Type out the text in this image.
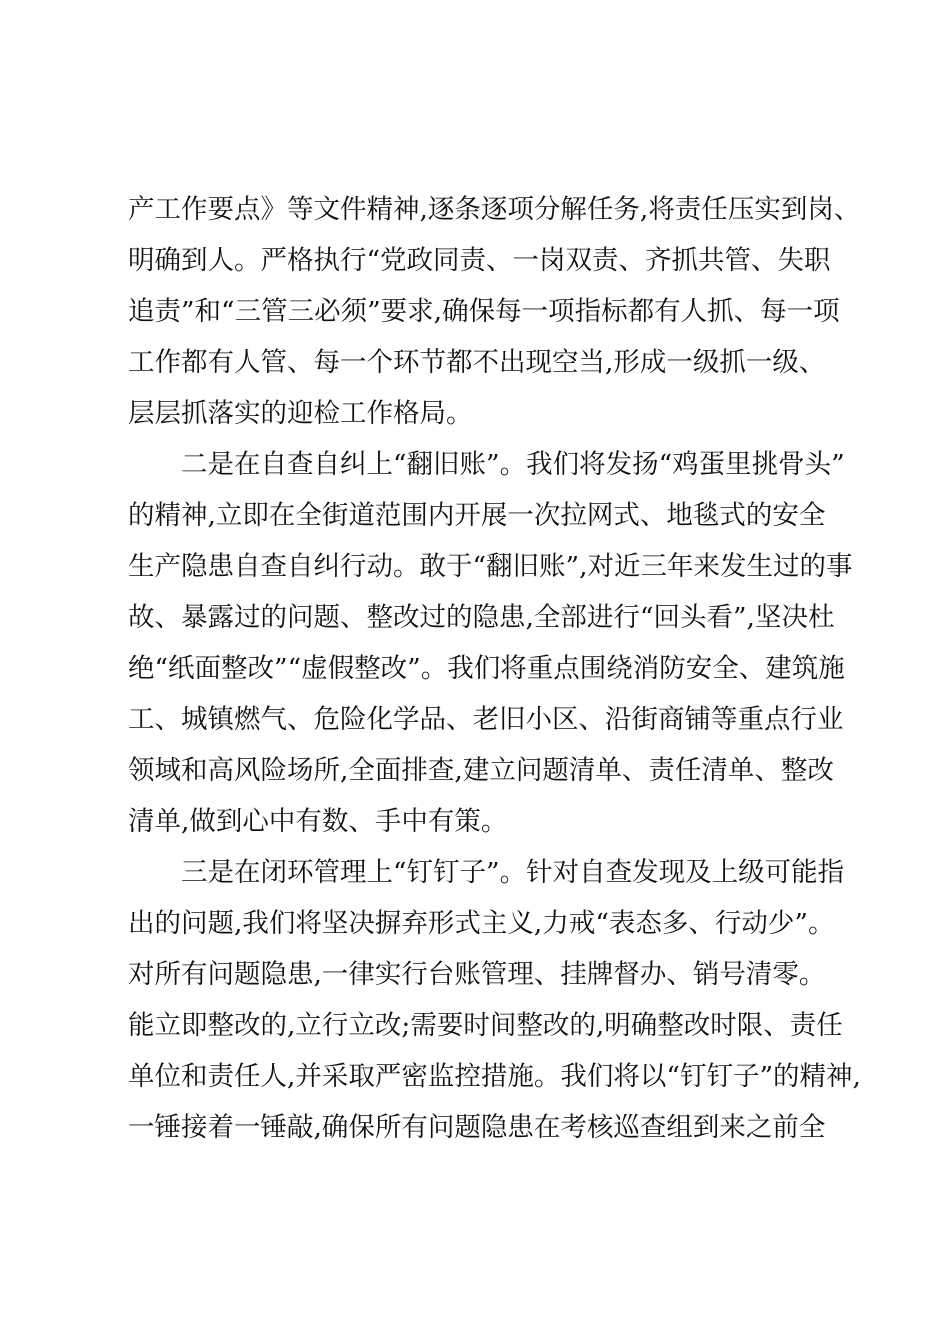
产工作要点》等文件精神,逐条逐项分解任务,将责任压实到岗、
明确到人。严格执行“党政同责、一岗双责、齐抓共管、失职
追责”和“三管三必须”要求,确保每一项指标都有人抓、每一项
工作都有人管、每一个环节都不出现空当,形成一级抓一级、
层层抓落实的迎检工作格局。
二是在自查自纠上“翻旧账”。我们将发扬“鸡蛋里挑骨头”
的精神,立即在全街道范围内开展一次拉网式、地毯式的安全
生产隐患自查自纠行动。敢于“翻旧账”,对近三年来发生过的事
故、暴露过的问题、整改过的隐患,全部进行“回头看”,坚决杜
绝“纸面整改”“虚假整改”。我们将重点围绕消防安全、建筑施
工、城镇燃气、危险化学品、老旧小区、沿街商铺等重点行业
领域和高风险场所,全面排查,建立问题清单、责任清单、整改
清单,做到心中有数、手中有策。
三是在闭环管理上“钉钉子”。针对自查发现及上级可能指
出的问题,我们将坚决摒弃形式主义,力戒“表态多、行动少”。
对所有问题隐患,一律实行台账管理、挂牌督办、销号清零。
能立即整改的,立行立改;需要时间整改的,明确整改时限、责任
单位和责任人,并采取严密监控措施。我们将以“钉钉子”的精神,
一锤接着一锤敲,确保所有问题隐患在考核巡查组到来之前全
